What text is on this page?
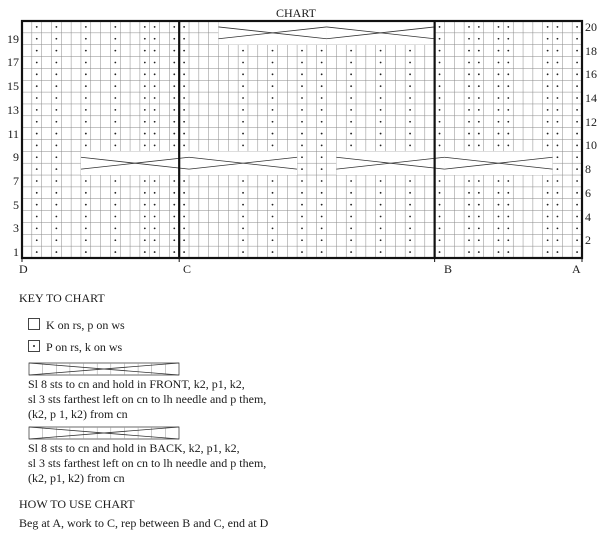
CHART
19
17
15
13
11
9
7
5
3
1
20
18
16
14
12
10
8
6
4
2
D	C	B	A
KEY TO CHART
K on rs, p on ws
P on rs, k on ws
Sl 8 sts to cn and hold in FRONT, k2, p1, k2,
sl 3 sts farthest left on cn to lh needle and p them,
(k2, p 1, k2) from cn
Sl 8 sts to cn and hold in BACK, k2, p1, k2,
sl 3 sts farthest left on cn to lh needle and p them,
(k2, p1, k2) from cn
HOW TO USE CHART
Beg at A, work to C, rep between B and C, end at D
